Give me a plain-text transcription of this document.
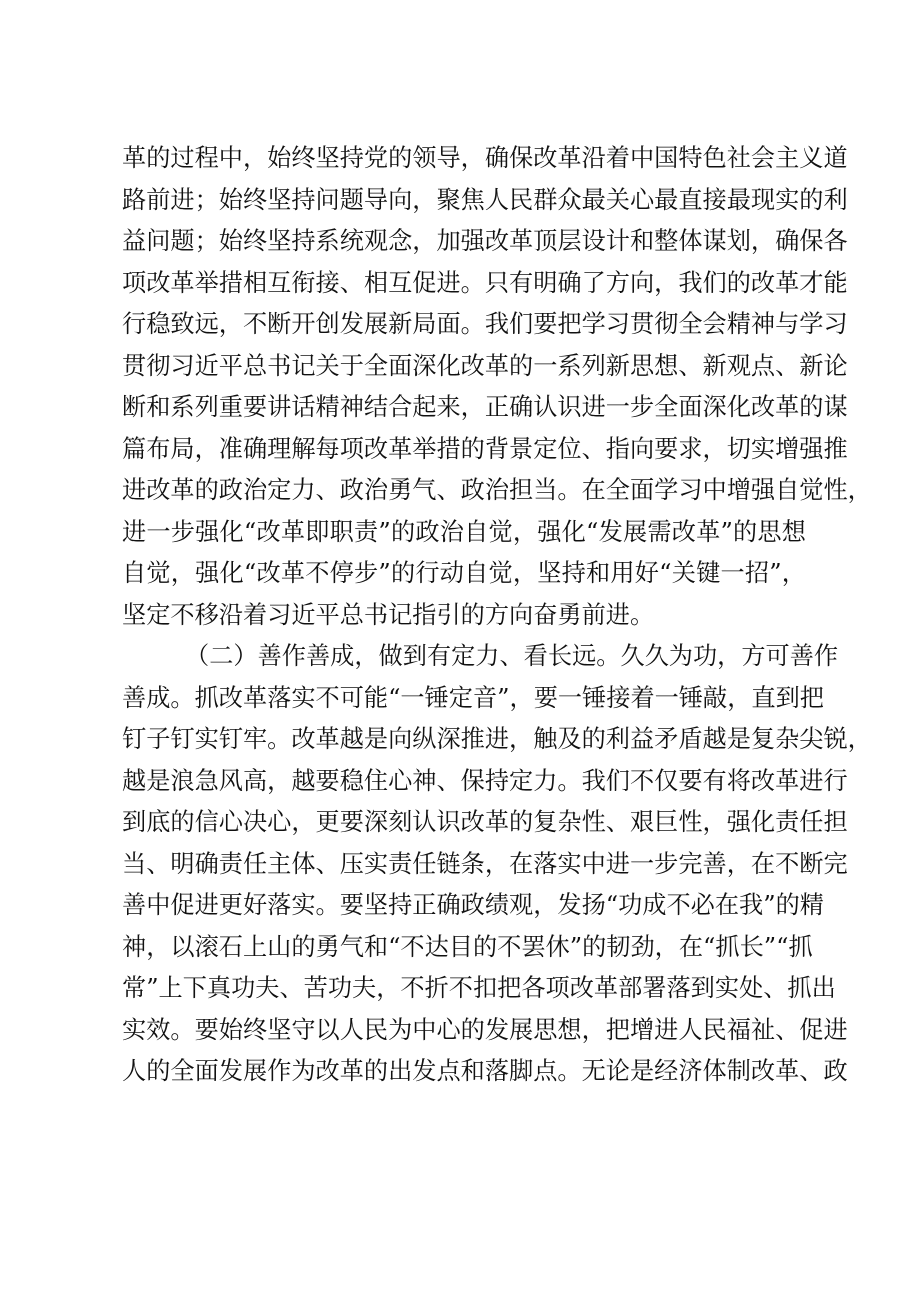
革的过程中，始终坚持党的领导，确保改革沿着中国特色社会主义道
路前进；始终坚持问题导向，聚焦人民群众最关心最直接最现实的利
益问题；始终坚持系统观念，加强改革顶层设计和整体谋划，确保各
项改革举措相互衔接、相互促进。只有明确了方向，我们的改革才能
行稳致远，不断开创发展新局面。我们要把学习贯彻全会精神与学习
贯彻习近平总书记关于全面深化改革的一系列新思想、新观点、新论
断和系列重要讲话精神结合起来，正确认识进一步全面深化改革的谋
篇布局，准确理解每项改革举措的背景定位、指向要求，切实增强推
进改革的政治定力、政治勇气、政治担当。在全面学习中增强自觉性，
进一步强化“改革即职责”的政治自觉，强化“发展需改革”的思想
自觉，强化“改革不停步”的行动自觉，坚持和用好“关键一招”，
坚定不移沿着习近平总书记指引的方向奋勇前进。
（二）善作善成，做到有定力、看长远。久久为功，方可善作
善成。抓改革落实不可能“一锤定音”，要一锤接着一锤敲，直到把
钉子钉实钉牢。改革越是向纵深推进，触及的利益矛盾越是复杂尖锐，
越是浪急风高，越要稳住心神、保持定力。我们不仅要有将改革进行
到底的信心决心，更要深刻认识改革的复杂性、艰巨性，强化责任担
当、明确责任主体、压实责任链条，在落实中进一步完善，在不断完
善中促进更好落实。要坚持正确政绩观，发扬“功成不必在我”的精
神，以滚石上山的勇气和“不达目的不罢休”的韧劲，在“抓长”“抓
常”上下真功夫、苦功夫，不折不扣把各项改革部署落到实处、抓出
实效。要始终坚守以人民为中心的发展思想，把增进人民福祉、促进
人的全面发展作为改革的出发点和落脚点。无论是经济体制改革、政
